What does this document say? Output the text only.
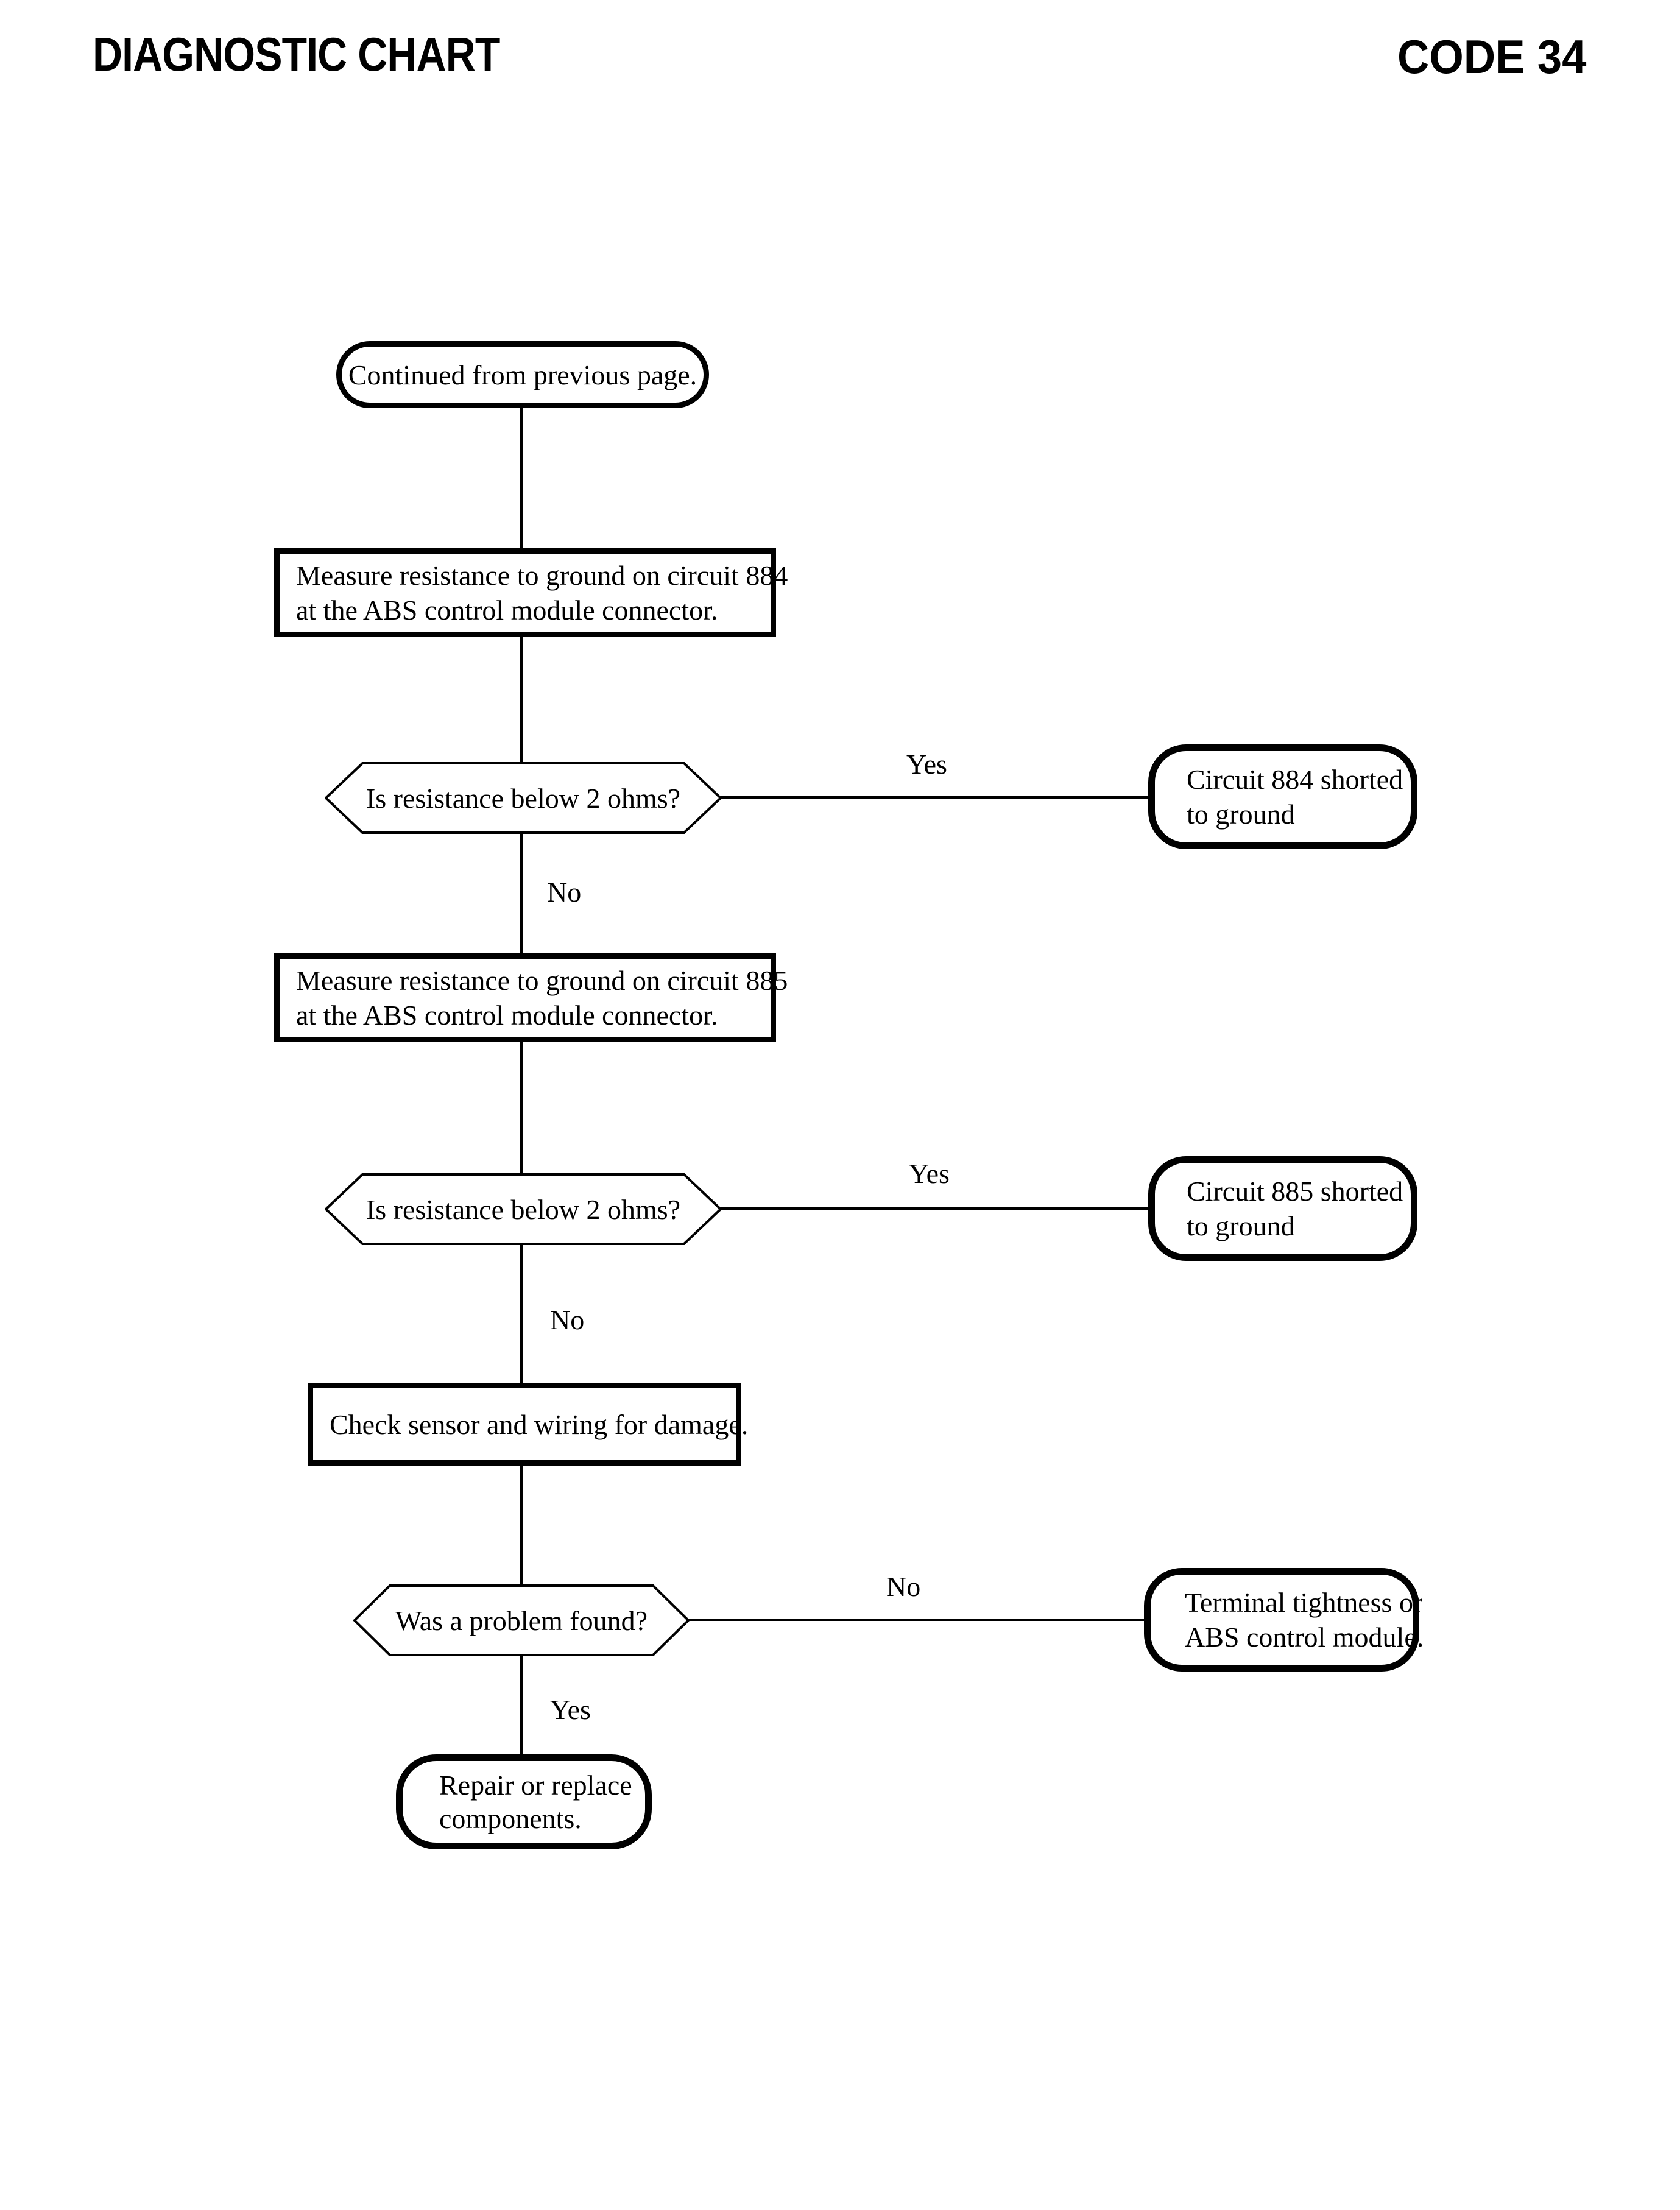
DIAGNOSTIC CHART	CODE 34
Yes
No
Yes
No
No
Yes
Continued from previous page.
Measure resistance to ground on circuit 884
at the ABS control module connector.
Is resistance below 2 ohms?
Circuit 884 shorted
to ground
Measure resistance to ground on circuit 885
at the ABS control module connector.
Is resistance below 2 ohms?
Circuit 885 shorted
to ground
Check sensor and wiring for damage.
Was a problem found?
Terminal tightness or
ABS control module.
Repair or replace
components.
